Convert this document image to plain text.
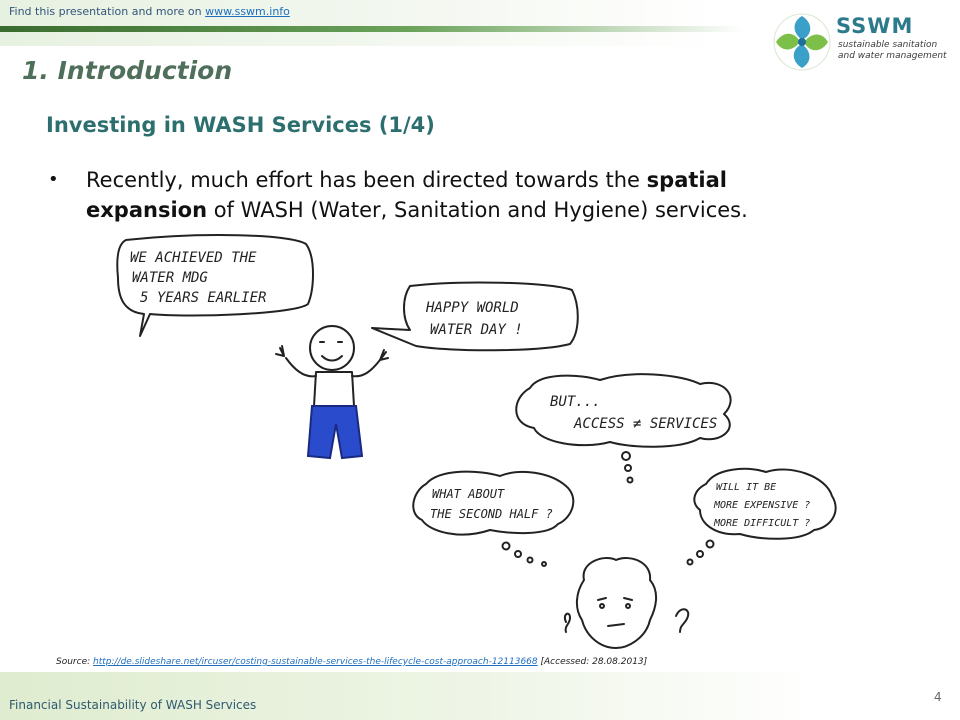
Find this presentation and more on www.sswm.info
SSWM
sustainable sanitation
and water management
1. Introduction
Investing in WASH Services (1/4)
• Recently, much effort has been directed towards the spatial expansion of WASH (Water, Sanitation and Hygiene) services.
WE ACHIEVED THE
WATER MDG
5 YEARS EARLIER
HAPPY WORLD
WATER DAY !
BUT...
ACCESS ≠ SERVICES
WHAT ABOUT
THE SECOND HALF ?
WILL IT BE
MORE EXPENSIVE ?
MORE DIFFICULT ?
Source: http://de.slideshare.net/ircuser/costing-sustainable-services-the-lifecycle-cost-approach-12113668 [Accessed: 28.08.2013]
Financial Sustainability of WASH Services
4
